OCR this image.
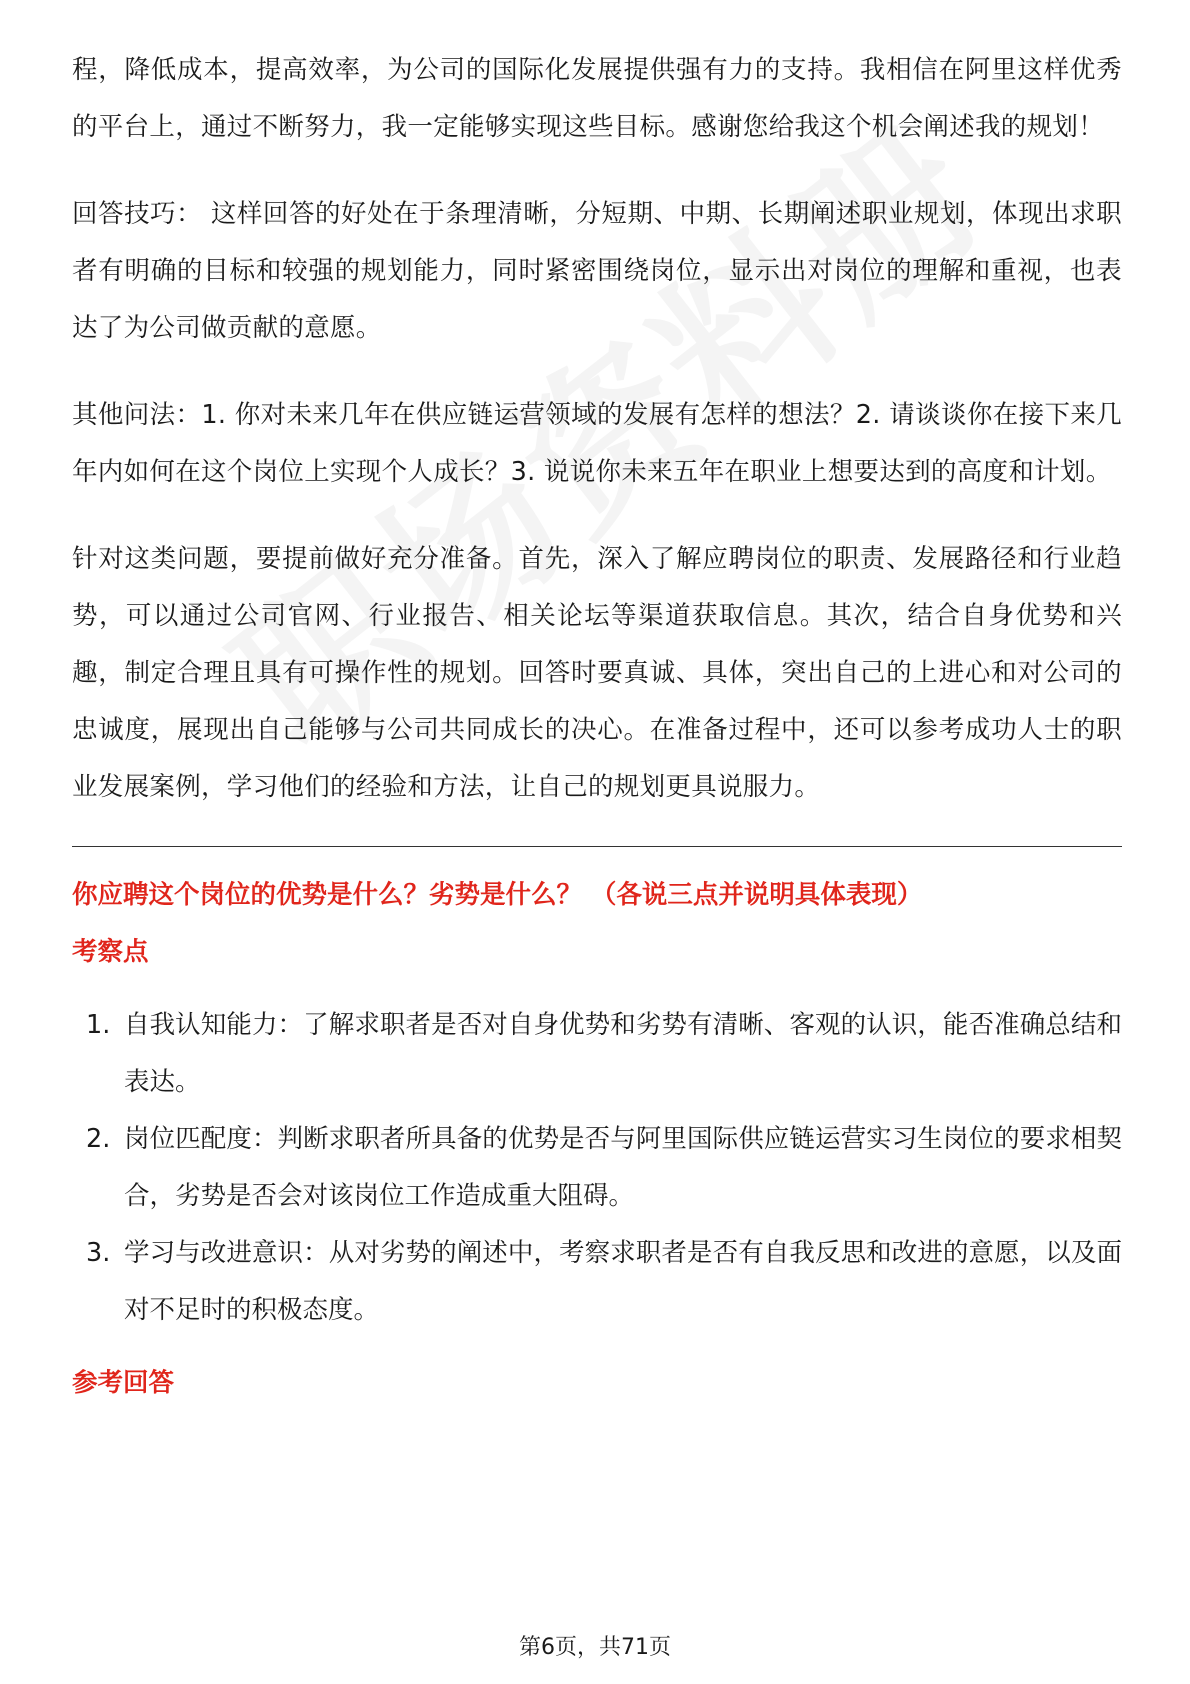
程，降低成本，提高效率，为公司的国际化发展提供强有力的支持。我相信在阿里这样优秀的平台上，通过不断努力，我一定能够实现这些目标。感谢您给我这个机会阐述我的规划！

回答技巧： 这样回答的好处在于条理清晰，分短期、中期、长期阐述职业规划，体现出求职者有明确的目标和较强的规划能力，同时紧密围绕岗位，显示出对岗位的理解和重视，也表达了为公司做贡献的意愿。

其他问法：1. 你对未来几年在供应链运营领域的发展有怎样的想法？2. 请谈谈你在接下来几年内如何在这个岗位上实现个人成长？3. 说说你未来五年在职业上想要达到的高度和计划。

针对这类问题，要提前做好充分准备。首先，深入了解应聘岗位的职责、发展路径和行业趋势，可以通过公司官网、行业报告、相关论坛等渠道获取信息。其次，结合自身优势和兴趣，制定合理且具有可操作性的规划。回答时要真诚、具体，突出自己的上进心和对公司的忠诚度，展现出自己能够与公司共同成长的决心。在准备过程中，还可以参考成功人士的职业发展案例，学习他们的经验和方法，让自己的规划更具说服力。

你应聘这个岗位的优势是什么？劣势是什么？ （各说三点并说明具体表现）
考察点
1. 自我认知能力：了解求职者是否对自身优势和劣势有清晰、客观的认识，能否准确总结和表达。
2. 岗位匹配度：判断求职者所具备的优势是否与阿里国际供应链运营实习生岗位的要求相契合，劣势是否会对该岗位工作造成重大阻碍。
3. 学习与改进意识：从对劣势的阐述中，考察求职者是否有自我反思和改进的意愿，以及面对不足时的积极态度。
参考回答
第6页，共71页
